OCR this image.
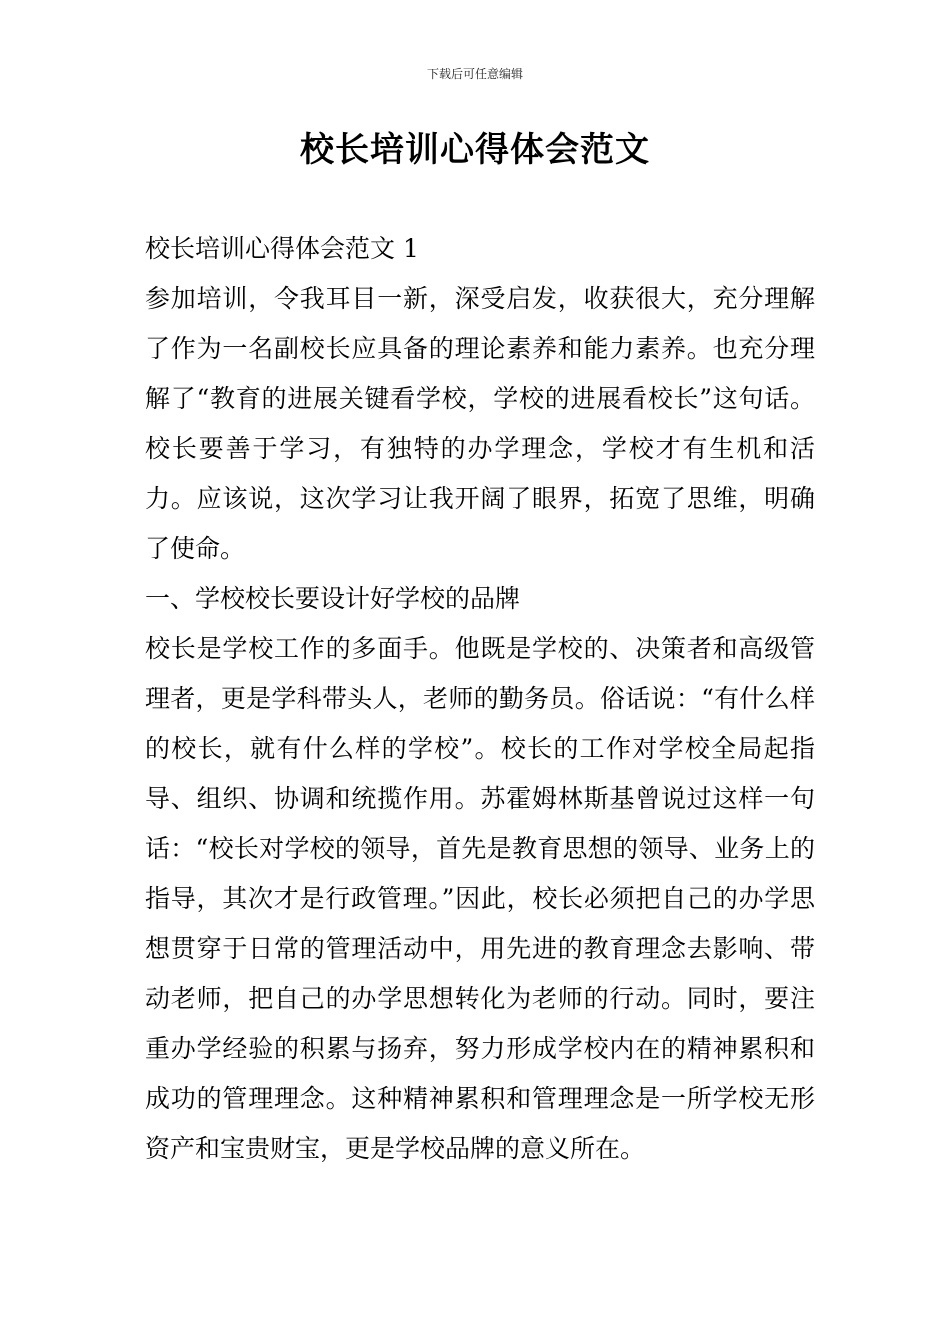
下载后可任意编辑
校长培训心得体会范文

校长培训心得体会范文 1

参加培训，令我耳目一新，深受启发，收获很大，充分理解了作为一名副校长应具备的理论素养和能力素养。也充分理解了“教育的进展关键看学校，学校的进展看校长”这句话。校长要善于学习，有独特的办学理念，学校才有生机和活力。应该说，这次学习让我开阔了眼界，拓宽了思维，明确了使命。

一、学校校长要设计好学校的品牌

校长是学校工作的多面手。他既是学校的、决策者和高级管理者，更是学科带头人，老师的勤务员。俗话说：“有什么样的校长，就有什么样的学校”。校长的工作对学校全局起指导、组织、协调和统揽作用。苏霍姆林斯基曾说过这样一句话：“校长对学校的领导，首先是教育思想的领导、业务上的指导，其次才是行政管理。”因此，校长必须把自己的办学思想贯穿于日常的管理活动中，用先进的教育理念去影响、带动老师，把自己的办学思想转化为老师的行动。同时，要注重办学经验的积累与扬弃，努力形成学校内在的精神累积和成功的管理理念。这种精神累积和管理理念是一所学校无形资产和宝贵财宝，更是学校品牌的意义所在。
